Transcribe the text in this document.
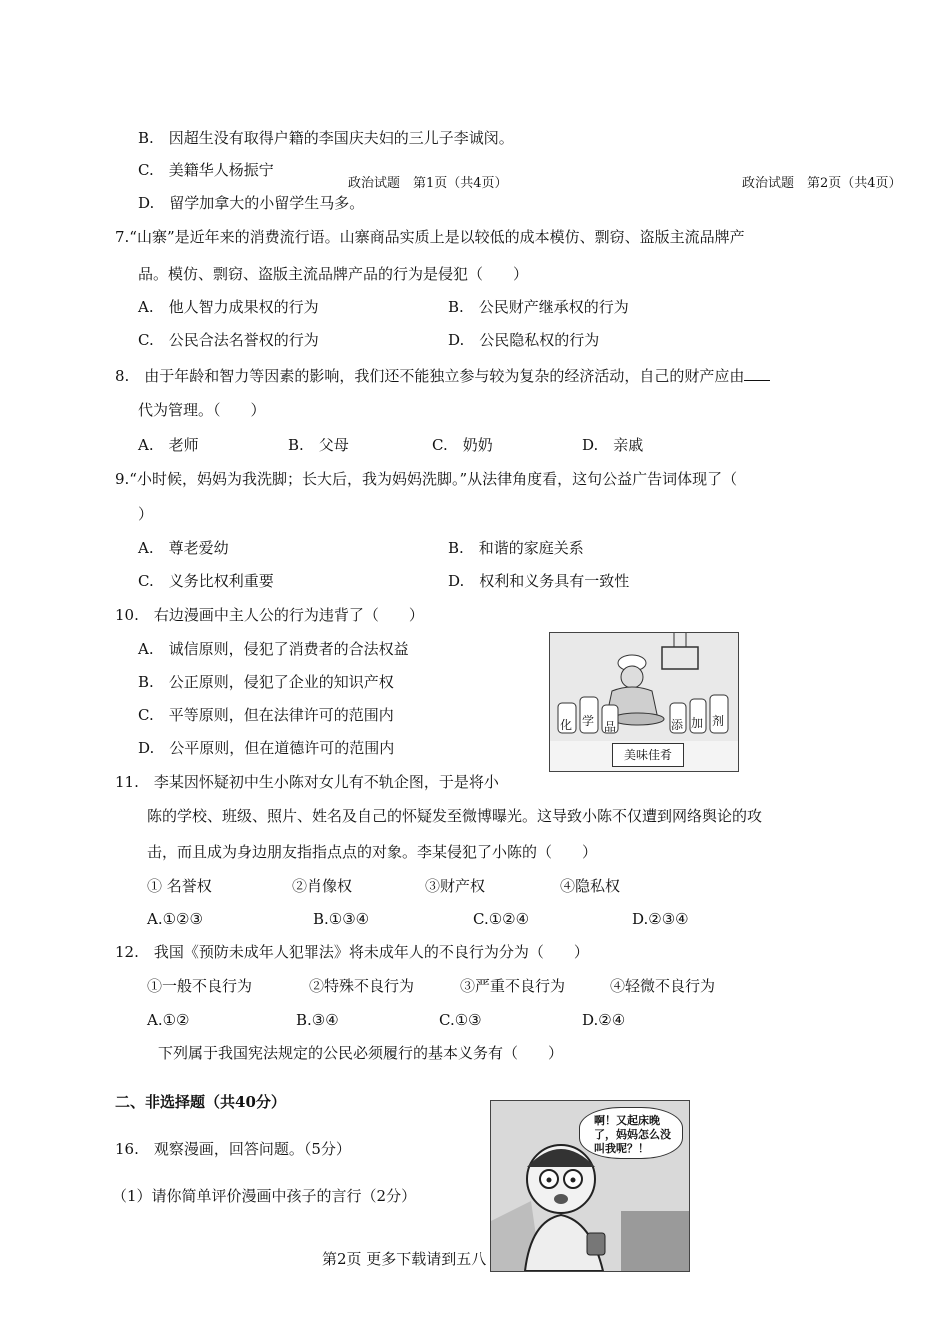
政治试题　第1页（共4页）	政治试题　第2页（共4页）
B.　因超生没有取得户籍的李国庆夫妇的三儿子李诚闵。
C.　美籍华人杨振宁
D.　留学加拿大的小留学生马多。
7.“山寨”是近年来的消费流行语。山寨商品实质上是以较低的成本模仿、剽窃、盗版主流品牌产
品。模仿、剽窃、盗版主流品牌产品的行为是侵犯（　　）
A.　他人智力成果权的行为	B.　公民财产继承权的行为
C.　公民合法名誉权的行为	D.　公民隐私权的行为
8.　由于年龄和智力等因素的影响，我们还不能独立参与较为复杂的经济活动，自己的财产应由
代为管理。（　　）
A.　老师	B.　父母	C.　奶奶	D.　亲戚
9.“小时候，妈妈为我洗脚；长大后，我为妈妈洗脚。”从法律角度看，这句公益广告词体现了（
）
A.　尊老爱幼	B.　和谐的家庭关系
C.　义务比权利重要	D.　权利和义务具有一致性
10.　右边漫画中主人公的行为违背了（　　）
A.　诚信原则，侵犯了消费者的合法权益
B.　公正原则，侵犯了企业的知识产权
C.　平等原则，但在法律许可的范围内
D.　公平原则，但在道德许可的范围内
化 学 品	添 加 剂
美味佳肴
11.　李某因怀疑初中生小陈对女儿有不轨企图，于是将小
陈的学校、班级、照片、姓名及自己的怀疑发至微博曝光。这导致小陈不仅遭到网络舆论的攻
击，而且成为身边朋友指指点点的对象。李某侵犯了小陈的（　　）
① 名誉权	②肖像权	③财产权	④隐私权
A.①②③	B.①③④	C.①②④	D.②③④
12.　我国《预防未成年人犯罪法》将未成年人的不良行为分为（　　）
①一般不良行为	②特殊不良行为	③严重不良行为	④轻微不良行为
A.①②	B.③④	C.①③	D.②④
下列属于我国宪法规定的公民必须履行的基本义务有（　　）
二、非选择题（共40分）
16.　观察漫画，回答问题。（5分）
（1）请你简单评价漫画中孩子的言行（2分）
啊！又起床晚了，妈妈怎么没叫我呢？！
第2页 更多下载请到五八
